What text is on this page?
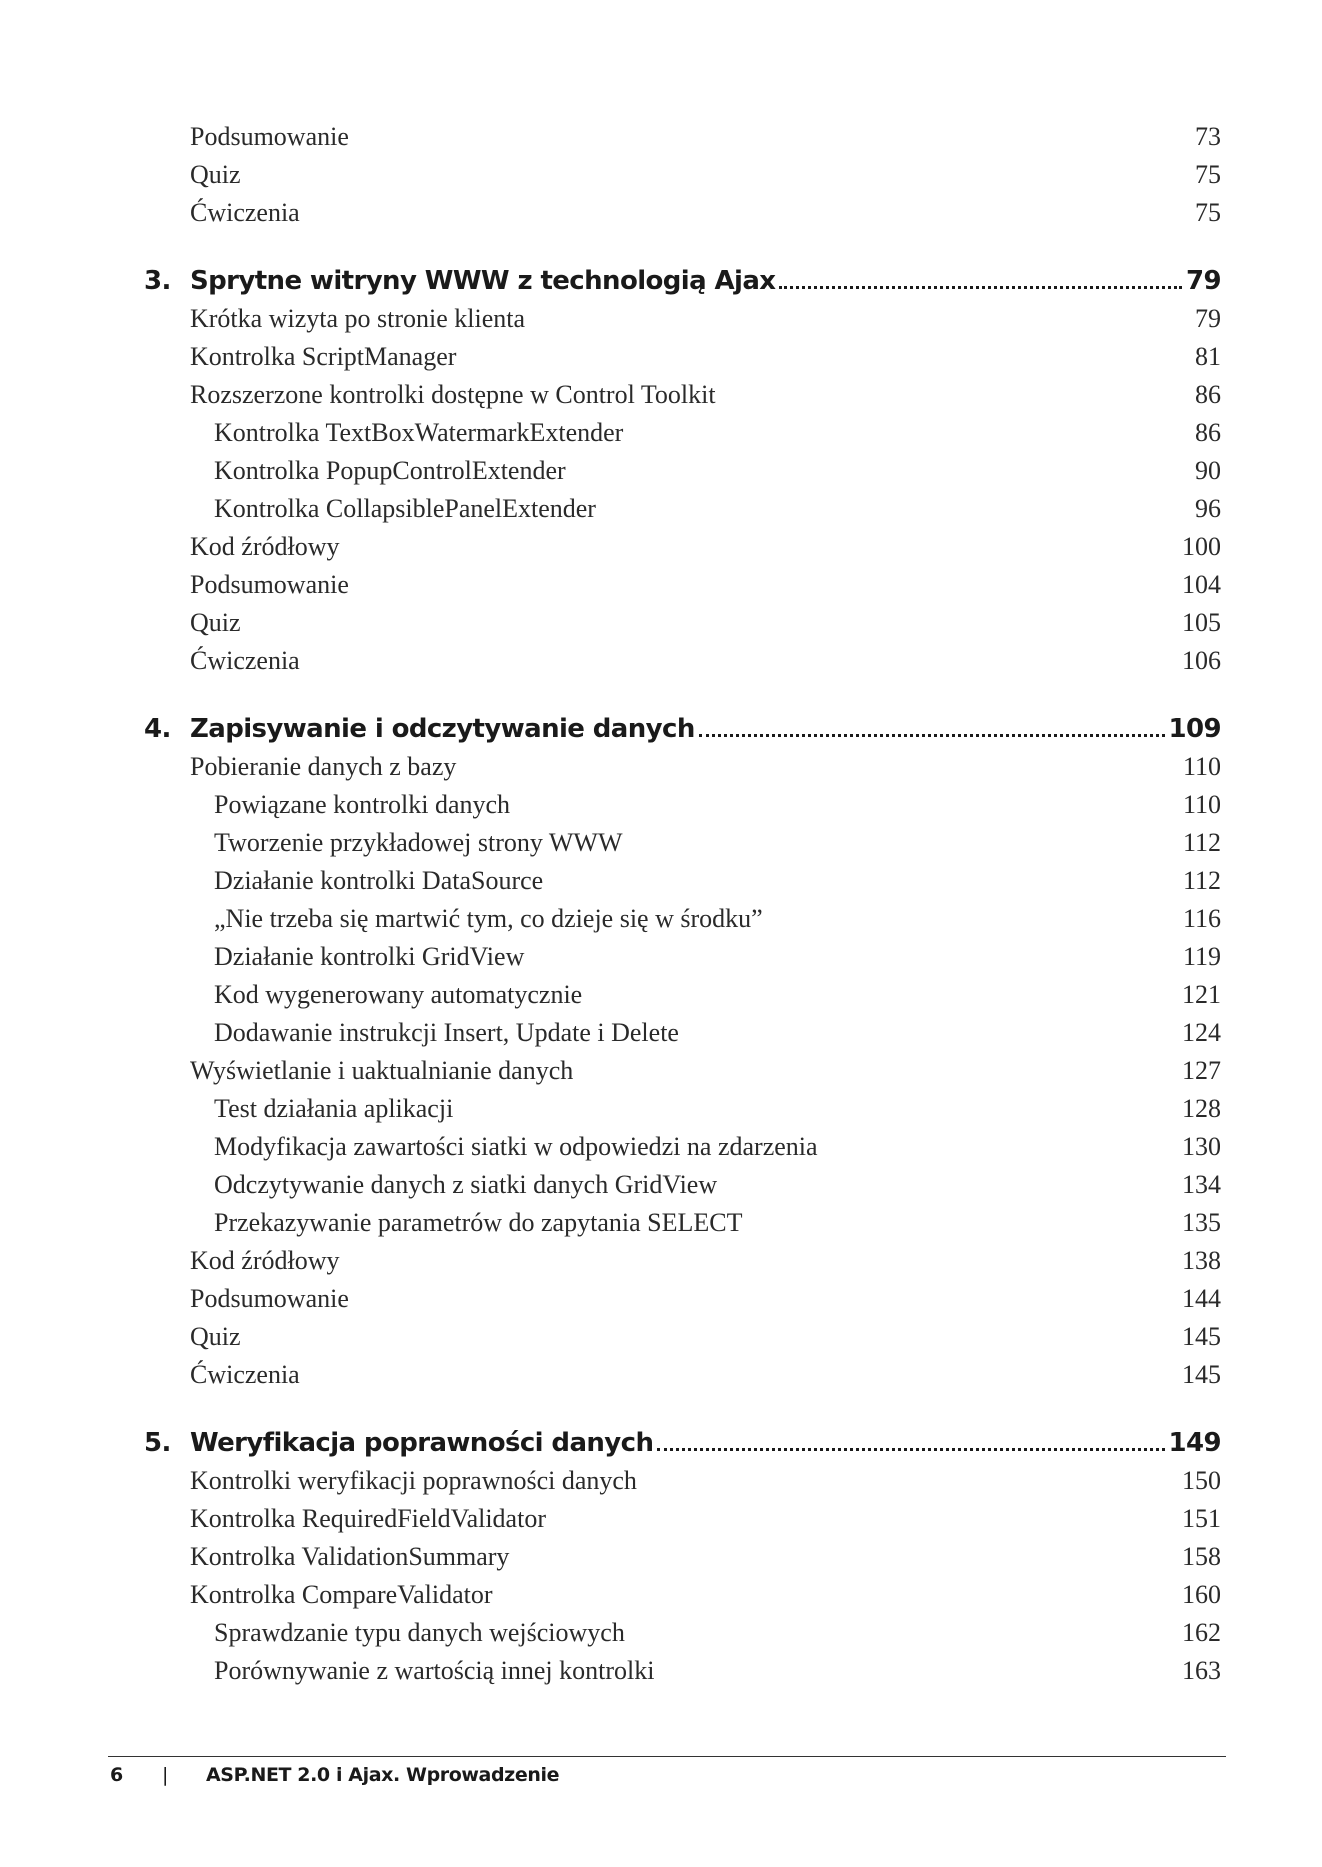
Podsumowanie	73
Quiz	75
Ćwiczenia	75
3. Sprytne witryny WWW z technologią Ajax	79
Krótka wizyta po stronie klienta	79
Kontrolka ScriptManager	81
Rozszerzone kontrolki dostępne w Control Toolkit	86
Kontrolka TextBoxWatermarkExtender	86
Kontrolka PopupControlExtender	90
Kontrolka CollapsiblePanelExtender	96
Kod źródłowy	100
Podsumowanie	104
Quiz	105
Ćwiczenia	106
4. Zapisywanie i odczytywanie danych	109
Pobieranie danych z bazy	110
Powiązane kontrolki danych	110
Tworzenie przykładowej strony WWW	112
Działanie kontrolki DataSource	112
„Nie trzeba się martwić tym, co dzieje się w środku”	116
Działanie kontrolki GridView	119
Kod wygenerowany automatycznie	121
Dodawanie instrukcji Insert, Update i Delete	124
Wyświetlanie i uaktualnianie danych	127
Test działania aplikacji	128
Modyfikacja zawartości siatki w odpowiedzi na zdarzenia	130
Odczytywanie danych z siatki danych GridView	134
Przekazywanie parametrów do zapytania SELECT	135
Kod źródłowy	138
Podsumowanie	144
Quiz	145
Ćwiczenia	145
5. Weryfikacja poprawności danych	149
Kontrolki weryfikacji poprawności danych	150
Kontrolka RequiredFieldValidator	151
Kontrolka ValidationSummary	158
Kontrolka CompareValidator	160
Sprawdzanie typu danych wejściowych	162
Porównywanie z wartością innej kontrolki	163
6 | ASP.NET 2.0 i Ajax. Wprowadzenie
